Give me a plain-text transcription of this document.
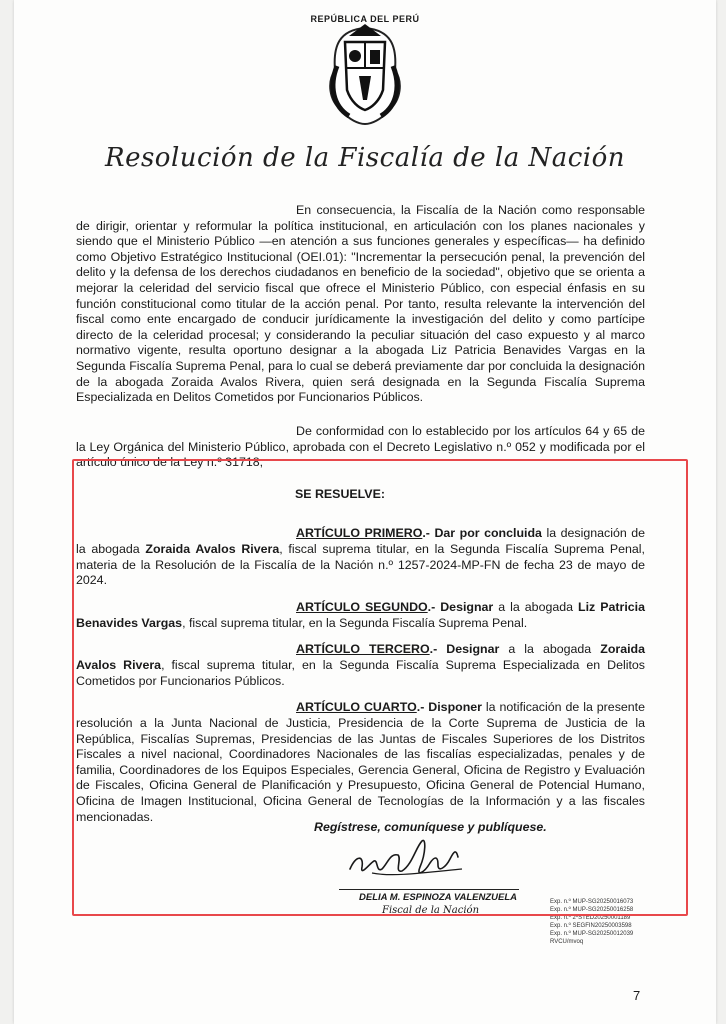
REPÚBLICA DEL PERÚ
Resolución de la Fiscalía de la Nación

En consecuencia, la Fiscalía de la Nación como responsable de dirigir, orientar y reformular la política institucional, en articulación con los planes nacionales y siendo que el Ministerio Público —en atención a sus funciones generales y específicas— ha definido como Objetivo Estratégico Institucional (OEI.01): "Incrementar la persecución penal, la prevención del delito y la defensa de los derechos ciudadanos en beneficio de la sociedad", objetivo que se orienta a mejorar la celeridad del servicio fiscal que ofrece el Ministerio Público, con especial énfasis en su función constitucional como titular de la acción penal. Por tanto, resulta relevante la intervención del fiscal como ente encargado de conducir jurídicamente la investigación del delito y como partícipe directo de la celeridad procesal; y considerando la peculiar situación del caso expuesto y al marco normativo vigente, resulta oportuno designar a la abogada Liz Patricia Benavides Vargas en la Segunda Fiscalía Suprema Penal, para lo cual se deberá previamente dar por concluida la designación de la abogada Zoraida Avalos Rivera, quien será designada en la Segunda Fiscalía Suprema Especializada en Delitos Cometidos por Funcionarios Públicos.

De conformidad con lo establecido por los artículos 64 y 65 de la Ley Orgánica del Ministerio Público, aprobada con el Decreto Legislativo n.º 052 y modificada por el artículo único de la Ley n.º 31718;

SE RESUELVE:

ARTÍCULO PRIMERO.- Dar por concluida la designación de la abogada Zoraida Avalos Rivera, fiscal suprema titular, en la Segunda Fiscalía Suprema Penal, materia de la Resolución de la Fiscalía de la Nación n.º 1257-2024-MP-FN de fecha 23 de mayo de 2024.

ARTÍCULO SEGUNDO.- Designar a la abogada Liz Patricia Benavides Vargas, fiscal suprema titular, en la Segunda Fiscalía Suprema Penal.

ARTÍCULO TERCERO.- Designar a la abogada Zoraida Avalos Rivera, fiscal suprema titular, en la Segunda Fiscalía Suprema Especializada en Delitos Cometidos por Funcionarios Públicos.

ARTÍCULO CUARTO.- Disponer la notificación de la presente resolución a la Junta Nacional de Justicia, Presidencia de la Corte Suprema de Justicia de la República, Fiscalías Supremas, Presidencias de las Juntas de Fiscales Superiores de los Distritos Fiscales a nivel nacional, Coordinadores Nacionales de las fiscalías especializadas, penales y de familia, Coordinadores de los Equipos Especiales, Gerencia General, Oficina de Registro y Evaluación de Fiscales, Oficina General de Planificación y Presupuesto, Oficina General de Potencial Humano, Oficina de Imagen Institucional, Oficina General de Tecnologías de la Información y a las fiscales mencionadas.

Regístrese, comuníquese y publíquese.
DELIA M. ESPINOZA VALENZUELA
Fiscal de la Nación
Exp. n.º MUP-SG20250016073
Exp. n.º MUP-SG20250016258
Exp. n.º 2ºSTED20250001189
Exp. n.º SEGFIN20250003598
Exp. n.º MUP-SG20250012039
RVCU/mvoq
7
